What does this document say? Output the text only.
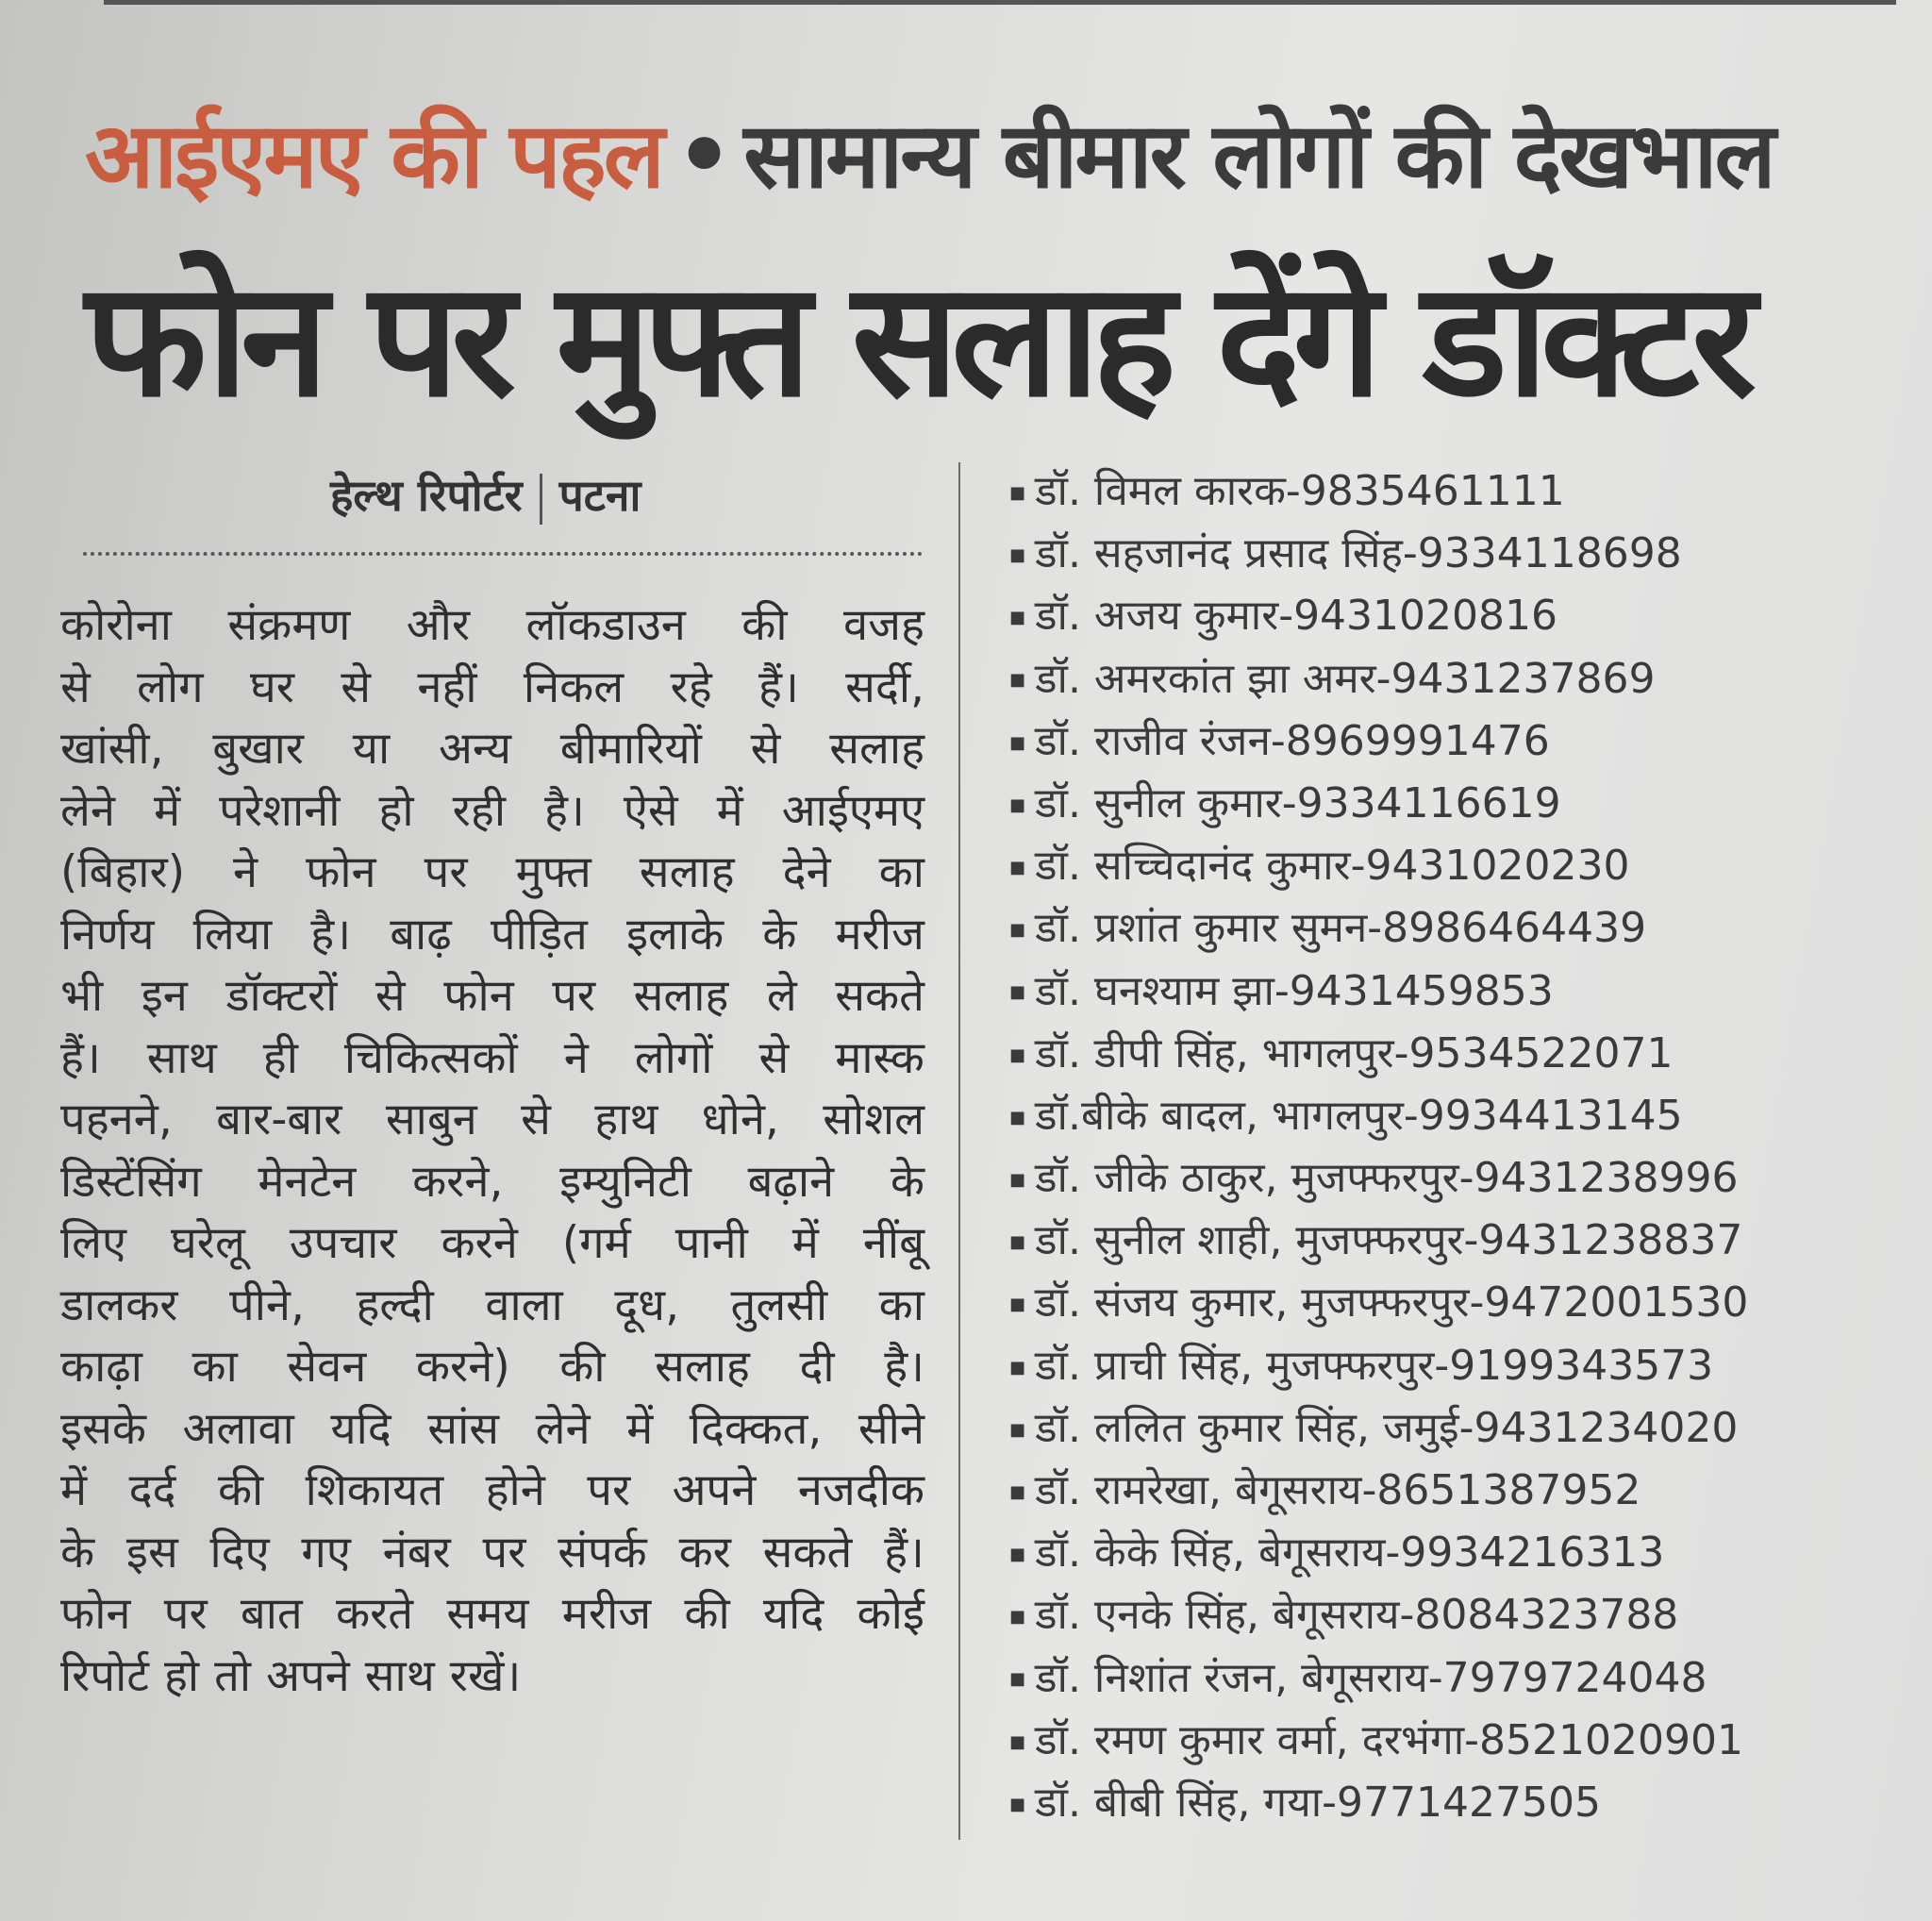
आईएमए की पहल • सामान्य बीमार लोगों की देखभाल
फोन पर मुफ्त सलाह देंगे डॉक्टर
हेल्थ रिपोर्टर पटना
कोरोना संक्रमण और लॉकडाउन की वजह
से लोग घर से नहीं निकल रहे हैं। सर्दी,
खांसी, बुखार या अन्य बीमारियों से सलाह
लेने में परेशानी हो रही है। ऐसे में आईएमए
(बिहार) ने फोन पर मुफ्त सलाह देने का
निर्णय लिया है। बाढ़ पीड़ित इलाके के मरीज
भी इन डॉक्टरों से फोन पर सलाह ले सकते
हैं। साथ ही चिकित्सकों ने लोगों से मास्क
पहनने, बार-बार साबुन से हाथ धोने, सोशल
डिस्टेंसिंग मेनटेन करने, इम्युनिटी बढ़ाने के
लिए घरेलू उपचार करने (गर्म पानी में नींबू
डालकर पीने, हल्दी वाला दूध, तुलसी का
काढ़ा का सेवन करने) की सलाह दी है।
इसके अलावा यदि सांस लेने में दिक्कत, सीने
में दर्द की शिकायत होने पर अपने नजदीक
के इस दिए गए नंबर पर संपर्क कर सकते हैं।
फोन पर बात करते समय मरीज की यदि कोई
रिपोर्ट हो तो अपने साथ रखें।
■ डॉ. विमल कारक-9835461111
■ डॉ. सहजानंद प्रसाद सिंह-9334118698
■ डॉ. अजय कुमार-9431020816
■ डॉ. अमरकांत झा अमर-9431237869
■ डॉ. राजीव रंजन-8969991476
■ डॉ. सुनील कुमार-9334116619
■ डॉ. सच्चिदानंद कुमार-9431020230
■ डॉ. प्रशांत कुमार सुमन-8986464439
■ डॉ. घनश्याम झा-9431459853
■ डॉ. डीपी सिंह, भागलपुर-9534522071
■ डॉ.बीके बादल, भागलपुर-9934413145
■ डॉ. जीके ठाकुर, मुजफ्फरपुर-9431238996
■ डॉ. सुनील शाही, मुजफ्फरपुर-9431238837
■ डॉ. संजय कुमार, मुजफ्फरपुर-9472001530
■ डॉ. प्राची सिंह, मुजफ्फरपुर-9199343573
■ डॉ. ललित कुमार सिंह, जमुई-9431234020
■ डॉ. रामरेखा, बेगूसराय-8651387952
■ डॉ. केके सिंह, बेगूसराय-9934216313
■ डॉ. एनके सिंह, बेगूसराय-8084323788
■ डॉ. निशांत रंजन, बेगूसराय-7979724048
■ डॉ. रमण कुमार वर्मा, दरभंगा-8521020901
■ डॉ. बीबी सिंह, गया-9771427505
